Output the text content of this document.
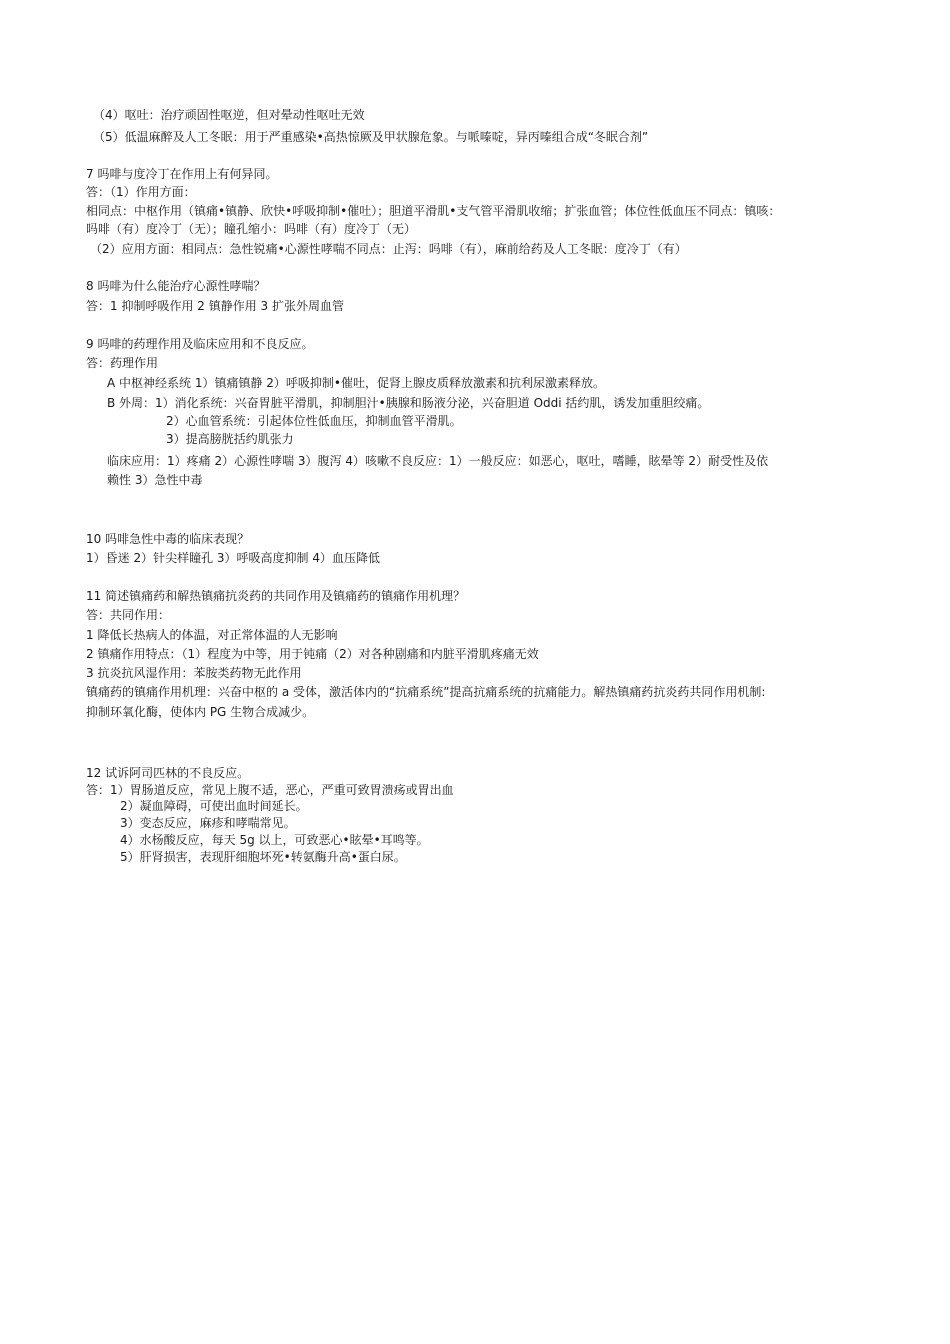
（4）呕吐：治疗顽固性呕逆，但对晕动性呕吐无效
（5）低温麻醉及人工冬眠：用于严重感染•高热惊厥及甲状腺危象。与哌嗪啶，异丙嗪组合成“冬眠合剂”
7 吗啡与度冷丁在作用上有何异同。
答：（1）作用方面：
相同点：中枢作用（镇痛•镇静、欣快•呼吸抑制•催吐）；胆道平滑肌•支气管平滑肌收缩；扩张血管；体位性低血压不同点：镇咳：
吗啡（有）度冷丁（无）；瞳孔缩小：吗啡（有）度冷丁（无）
（2）应用方面：相同点：急性锐痛•心源性哮喘不同点：止泻：吗啡（有），麻前给药及人工冬眠：度冷丁（有）
8 吗啡为什么能治疗心源性哮喘？
答：1 抑制呼吸作用 2 镇静作用 3 扩张外周血管
9 吗啡的药理作用及临床应用和不良反应。
答：药理作用
A 中枢神经系统 1）镇痛镇静 2）呼吸抑制•催吐，促肾上腺皮质释放激素和抗利尿激素释放。
B 外周：1）消化系统：兴奋胃脏平滑肌，抑制胆汁•胰腺和肠液分泌，兴奋胆道 Oddi 括约肌，诱发加重胆绞痛。
2）心血管系统：引起体位性低血压，抑制血管平滑肌。
3）提高膀胱括约肌张力
临床应用：1）疼痛 2）心源性哮喘 3）腹泻 4）咳嗽不良反应：1）一般反应：如恶心，呕吐，嗜睡，眩晕等 2）耐受性及依
赖性 3）急性中毒
10 吗啡急性中毒的临床表现？
1）昏迷 2）针尖样瞳孔 3）呼吸高度抑制 4）血压降低
11 简述镇痛药和解热镇痛抗炎药的共同作用及镇痛药的镇痛作用机理？
答：共同作用：
1 降低长热病人的体温，对正常体温的人无影响
2 镇痛作用特点：（1）程度为中等，用于钝痛（2）对各种剧痛和内脏平滑肌疼痛无效
3 抗炎抗风湿作用：苯胺类药物无此作用
镇痛药的镇痛作用机理：兴奋中枢的 a 受体，激活体内的“抗痛系统”提高抗痛系统的抗痛能力。解热镇痛药抗炎药共同作用机制:
抑制环氧化酶，使体内 PG 生物合成减少。
12 试诉阿司匹林的不良反应。
答：1）胃肠道反应，常见上腹不适，恶心，严重可致胃溃疡或胃出血
2）凝血障碍，可使出血时间延长。
3）变态反应，麻疹和哮喘常见。
4）水杨酸反应，每天 5g 以上，可致恶心•眩晕•耳鸣等。
5）肝肾损害，表现肝细胞坏死•转氨酶升高•蛋白尿。
